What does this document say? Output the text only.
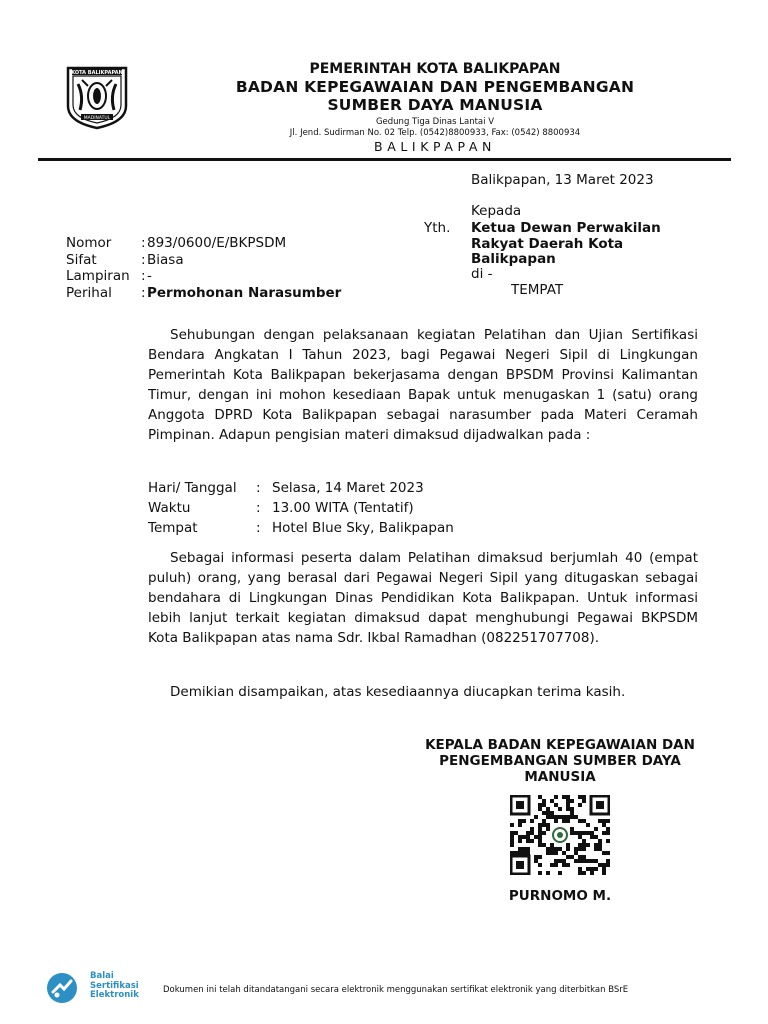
KOTA BALIKPAPAN
MADINATUL
PEMERINTAH KOTA BALIKPAPAN
BADAN KEPEGAWAIAN DAN PENGEMBANGAN
SUMBER DAYA MANUSIA
Gedung Tiga Dinas Lantai V
Jl. Jend. Sudirman No. 02 Telp. (0542)8800933, Fax: (0542) 8800934
BALIKPAPAN
Balikpapan, 13 Maret 2023
Kepada
Yth. Ketua Dewan Perwakilan
Rakyat Daerah Kota
Balikpapan
di -
TEMPAT
Nomor : 893/0600/E/BKPSDM
Sifat	: Biasa
Lampiran : -
Perihal : Permohonan Narasumber
Sehubungan dengan pelaksanaan kegiatan Pelatihan dan Ujian Sertifikasi Bendara Angkatan I Tahun 2023, bagi Pegawai Negeri Sipil di Lingkungan Pemerintah Kota Balikpapan bekerjasama dengan BPSDM Provinsi Kalimantan Timur, dengan ini mohon kesediaan Bapak untuk menugaskan 1 (satu) orang Anggota DPRD Kota Balikpapan sebagai narasumber pada Materi Ceramah Pimpinan. Adapun pengisian materi dimaksud dijadwalkan pada :
Hari/ Tanggal : Selasa, 14 Maret 2023
Waktu	: 13.00 WITA (Tentatif)
Tempat	: Hotel Blue Sky, Balikpapan
Sebagai informasi peserta dalam Pelatihan dimaksud berjumlah 40 (empat puluh) orang, yang berasal dari Pegawai Negeri Sipil yang ditugaskan sebagai bendahara di Lingkungan Dinas Pendidikan Kota Balikpapan. Untuk informasi lebih lanjut terkait kegiatan dimaksud dapat menghubungi Pegawai BKPSDM Kota Balikpapan atas nama Sdr. Ikbal Ramadhan (082251707708).
Demikian disampaikan, atas kesediaannya diucapkan terima kasih.
KEPALA BADAN KEPEGAWAIAN DAN
PENGEMBANGAN SUMBER DAYA
MANUSIA
PURNOMO M.
Balai
Sertifikasi
Elektronik	Dokumen ini telah ditandatangani secara elektronik menggunakan sertifikat elektronik yang diterbitkan BSrE
